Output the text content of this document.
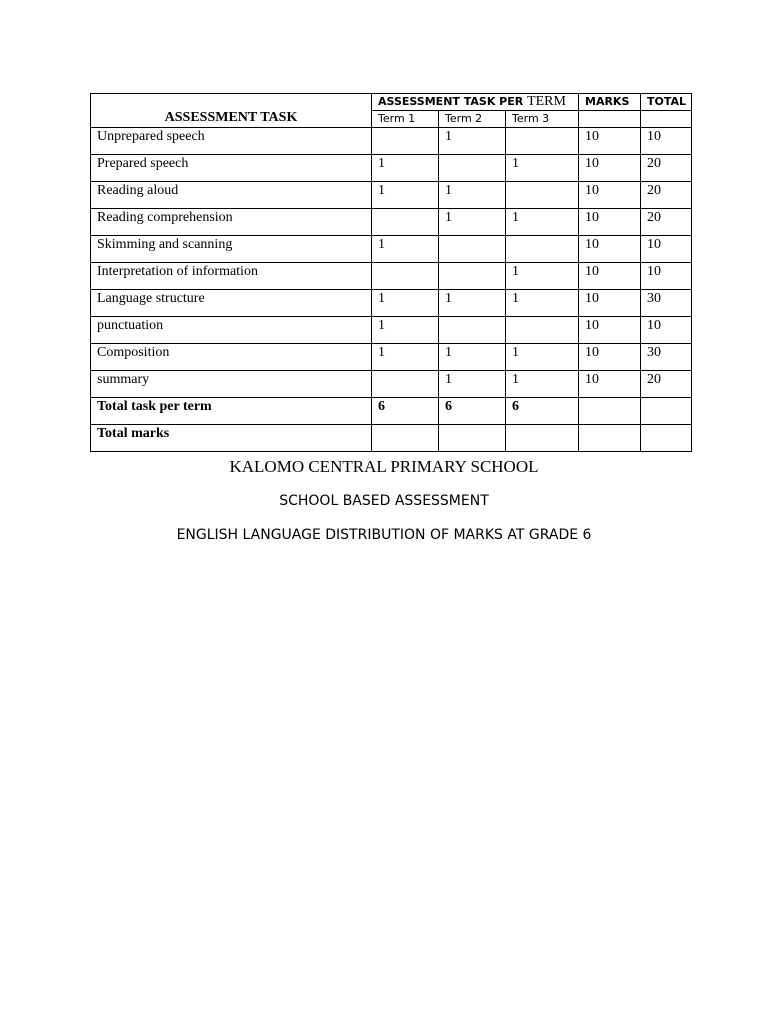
ASSESSMENT TASK	ASSESSMENT TASK PER TERM			MARKS	TOTAL
	Term 1	Term 2	Term 3		
Unprepared speech		1		10	10
Prepared speech	1		1	10	20
Reading aloud	1	1		10	20
Reading comprehension		1	1	10	20
Skimming and scanning	1			10	10
Interpretation of information			1	10	10
Language structure	1	1	1	10	30
punctuation	1			10	10
Composition	1	1	1	10	30
summary		1	1	10	20
Total task per term	6	6	6		
Total marks					
KALOMO CENTRAL PRIMARY SCHOOL
SCHOOL BASED ASSESSMENT
ENGLISH LANGUAGE DISTRIBUTION OF MARKS AT GRADE 6
